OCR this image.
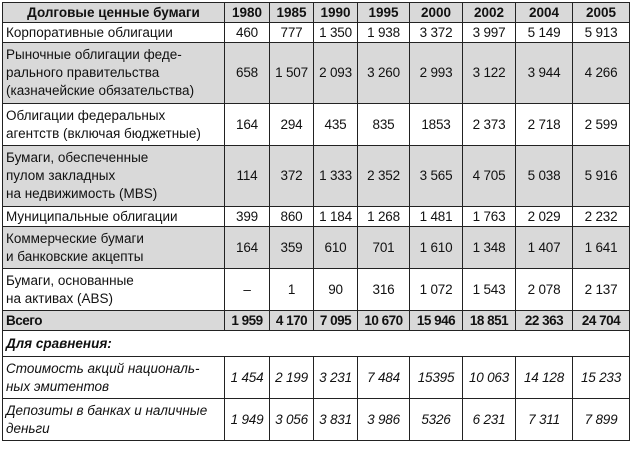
Долговые ценные бумаги	1980	1985	1990	1995	2000	2002	2004	2005
Корпоративные облигации	460	777	1 350	1 938	3 372	3 997	5 149	5 913

Рыночные облигации феде-
рального правительства
(казначейские обязательства)	658	1 507	2 093	3 260	2 993	3 122	3 944	4 266

Облигации федеральных
агентств (включая бюджетные)	164	294	435	835	1853	2 373	2 718	2 599

Бумаги, обеспеченные
пулом закладных
на недвижимость (MBS)	114	372	1 333	2 352	3 565	4 705	5 038	5 916
Муниципальные облигации	399	860	1 184	1 268	1 481	1 763	2 029	2 232

Коммерческие бумаги
и банковские акцепты	164	359	610	701	1 610	1 348	1 407	1 641

Бумаги, основанные
на активах (ABS)	–	1	90	316	1 072	1 543	2 078	2 137
Всего	1 959	4 170	7 095	10 670	15 946	18 851	22 363	24 704
Для сравнения:								

Стоимость акций националь-
ных эмитентов	1 454	2 199	3 231	7 484	15395	10 063	14 128	15 233

Депозиты в банках и наличные
деньги	1 949	3 056	3 831	3 986	5326	6 231	7 311	7 899
